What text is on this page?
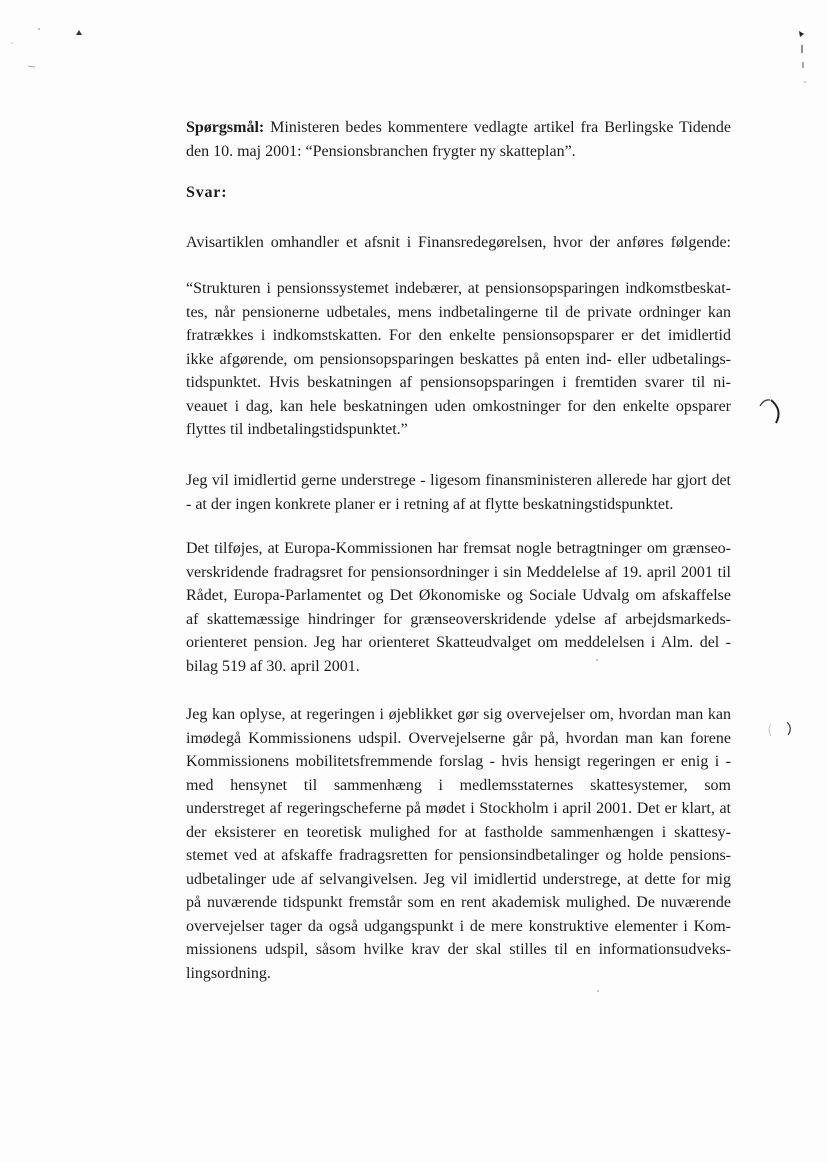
Spørgsmål: Ministeren bedes kommentere vedlagte artikel fra Berlingske Tidende
den 10. maj 2001: “Pensionsbranchen frygter ny skatteplan”.
Svar:
Avisartiklen omhandler et afsnit i Finansredegørelsen, hvor der anføres følgende:
“Strukturen i pensionssystemet indebærer, at pensionsopsparingen indkomstbeskat-
tes, når pensionerne udbetales, mens indbetalingerne til de private ordninger kan
fratrækkes i indkomstskatten. For den enkelte pensionsopsparer er det imidlertid
ikke afgørende, om pensionsopsparingen beskattes på enten ind- eller udbetalings-
tidspunktet. Hvis beskatningen af pensionsopsparingen i fremtiden svarer til ni-
veauet i dag, kan hele beskatningen uden omkostninger for den enkelte opsparer
flyttes til indbetalingstidspunktet.”
Jeg vil imidlertid gerne understrege - ligesom finansministeren allerede har gjort det
- at der ingen konkrete planer er i retning af at flytte beskatningstidspunktet.
Det tilføjes, at Europa-Kommissionen har fremsat nogle betragtninger om grænseo-
verskridende fradragsret for pensionsordninger i sin Meddelelse af 19. april 2001 til
Rådet, Europa-Parlamentet og Det Økonomiske og Sociale Udvalg om afskaffelse
af skattemæssige hindringer for grænseoverskridende ydelse af arbejdsmarkeds-
orienteret pension. Jeg har orienteret Skatteudvalget om meddelelsen i Alm. del -
bilag 519 af 30. april 2001.
Jeg kan oplyse, at regeringen i øjeblikket gør sig overvejelser om, hvordan man kan
imødegå Kommissionens udspil. Overvejelserne går på, hvordan man kan forene
Kommissionens mobilitetsfremmende forslag - hvis hensigt regeringen er enig i -
med hensynet til sammenhæng i medlemsstaternes skattesystemer, som
understreget af regeringscheferne på mødet i Stockholm i april 2001. Det er klart, at
der eksisterer en teoretisk mulighed for at fastholde sammenhængen i skattesy-
stemet ved at afskaffe fradragsretten for pensionsindbetalinger og holde pensions-
udbetalinger ude af selvangivelsen. Jeg vil imidlertid understrege, at dette for mig
på nuværende tidspunkt fremstår som en rent akademisk mulighed. De nuværende
overvejelser tager da også udgangspunkt i de mere konstruktive elementer i Kom-
missionens udspil, såsom hvilke krav der skal stilles til en informationsudveks-
lingsordning.
